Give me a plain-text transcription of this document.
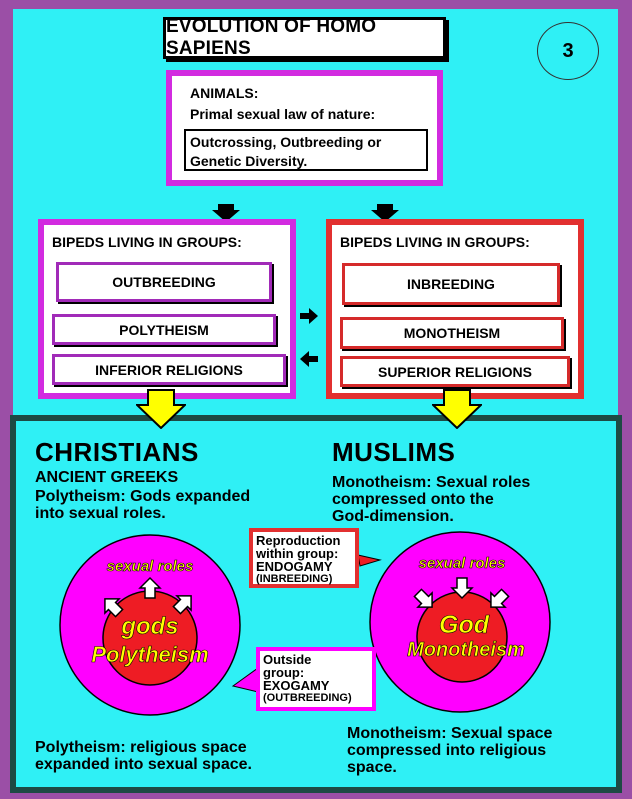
EVOLUTION OF HOMO SAPIENS	3
ANIMALS:
Primal sexual law of nature:
Outcrossing, Outbreeding or
Genetic Diversity.
BIPEDS LIVING IN GROUPS:
OUTBREEDING
POLYTHEISM
INFERIOR RELIGIONS
BIPEDS LIVING IN GROUPS:
INBREEDING
MONOTHEISM
SUPERIOR RELIGIONS
CHRISTIANS
ANCIENT GREEKS
Polytheism: Gods expanded
into sexual roles.
MUSLIMS
Monotheism: Sexual roles
compressed onto the
God-dimension.
sexual roles
gods
Polytheism
sexual roles
God
Monotheism
Reproduction
within group:
ENDOGAMY
(INBREEDING)
Outside
group:
EXOGAMY
(OUTBREEDING)
Polytheism: religious space
expanded into sexual space.
Monotheism: Sexual space
compressed into religious
space.
